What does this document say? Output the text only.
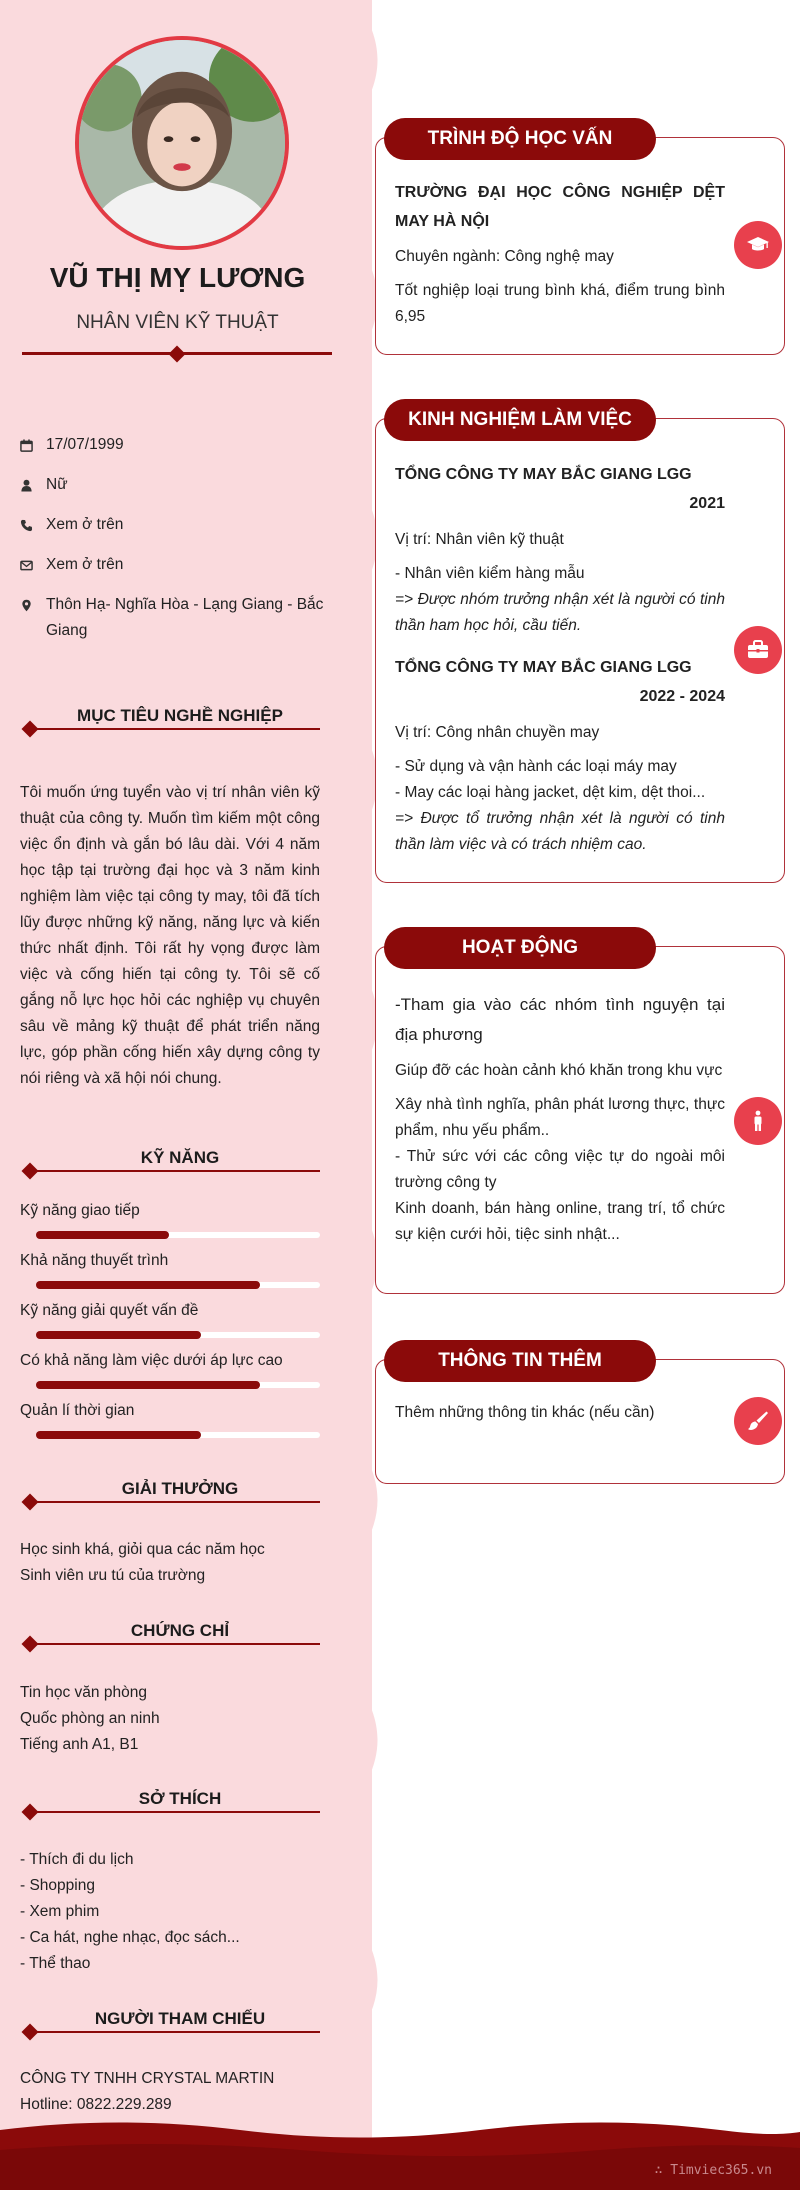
VŨ THỊ MỴ LƯƠNG
NHÂN VIÊN KỸ THUẬT
17/07/1999
Nữ
Xem ở trên
Xem ở trên
Thôn Hạ- Nghĩa Hòa - Lạng Giang - Bắc Giang
MỤC TIÊU NGHỀ NGHIỆP
Tôi muốn ứng tuyển vào vị trí nhân viên kỹ thuật của công ty. Muốn tìm kiếm một công việc ổn định và gắn bó lâu dài. Với 4 năm học tập tại trường đại học và 3 năm kinh nghiệm làm việc tại công ty may, tôi đã tích lũy được những kỹ năng, năng lực và kiến thức nhất định. Tôi rất hy vọng được làm việc và cống hiến tại công ty. Tôi sẽ cố gắng nỗ lực học hỏi các nghiệp vụ chuyên sâu về mảng kỹ thuật để phát triển năng lực, góp phần cống hiến xây dựng công ty nói riêng và xã hội nói chung.
KỸ NĂNG
Kỹ năng giao tiếp
Khả năng thuyết trình
Kỹ năng giải quyết vấn đề
Có khả năng làm việc dưới áp lực cao
Quản lí thời gian
GIẢI THƯỞNG
Học sinh khá, giỏi qua các năm học
Sinh viên ưu tú của trường
CHỨNG CHỈ
Tin học văn phòng
Quốc phòng an ninh
Tiếng anh A1, B1
SỞ THÍCH
- Thích đi du lịch
- Shopping
- Xem phim
- Ca hát, nghe nhạc, đọc sách...
- Thể thao
NGƯỜI THAM CHIẾU
CÔNG TY TNHH CRYSTAL MARTIN
Hotline: 0822.229.289
TRÌNH ĐỘ HỌC VẤN
TRƯỜNG ĐẠI HỌC CÔNG NGHIỆP DỆT MAY HÀ NỘI
Chuyên ngành: Công nghệ may
Tốt nghiệp loại trung bình khá, điểm trung bình 6,95
KINH NGHIỆM LÀM VIỆC
TỔNG CÔNG TY MAY BẮC GIANG LGG
2021
Vị trí: Nhân viên kỹ thuật
- Nhân viên kiểm hàng mẫu
=> Được nhóm trưởng nhận xét là người có tinh thần ham học hỏi, cầu tiến.
TỔNG CÔNG TY MAY BẮC GIANG LGG
2022 - 2024
Vị trí: Công nhân chuyền may
- Sử dụng và vận hành các loại máy may
- May các loại hàng jacket, dệt kim, dệt thoi...
=> Được tổ trưởng nhận xét là người có tinh thần làm việc và có trách nhiệm cao.
HOẠT ĐỘNG
-Tham gia vào các nhóm tình nguyện tại địa phương
Giúp đỡ các hoàn cảnh khó khăn trong khu vực
Xây nhà tình nghĩa, phân phát lương thực, thực phẩm, nhu yếu phẩm..
- Thử sức với các công việc tự do ngoài môi trường công ty
Kinh doanh, bán hàng online, trang trí, tổ chức sự kiện cưới hỏi, tiệc sinh nhật...
THÔNG TIN THÊM
Thêm những thông tin khác (nếu cần)
∴ Timviec365.vn
